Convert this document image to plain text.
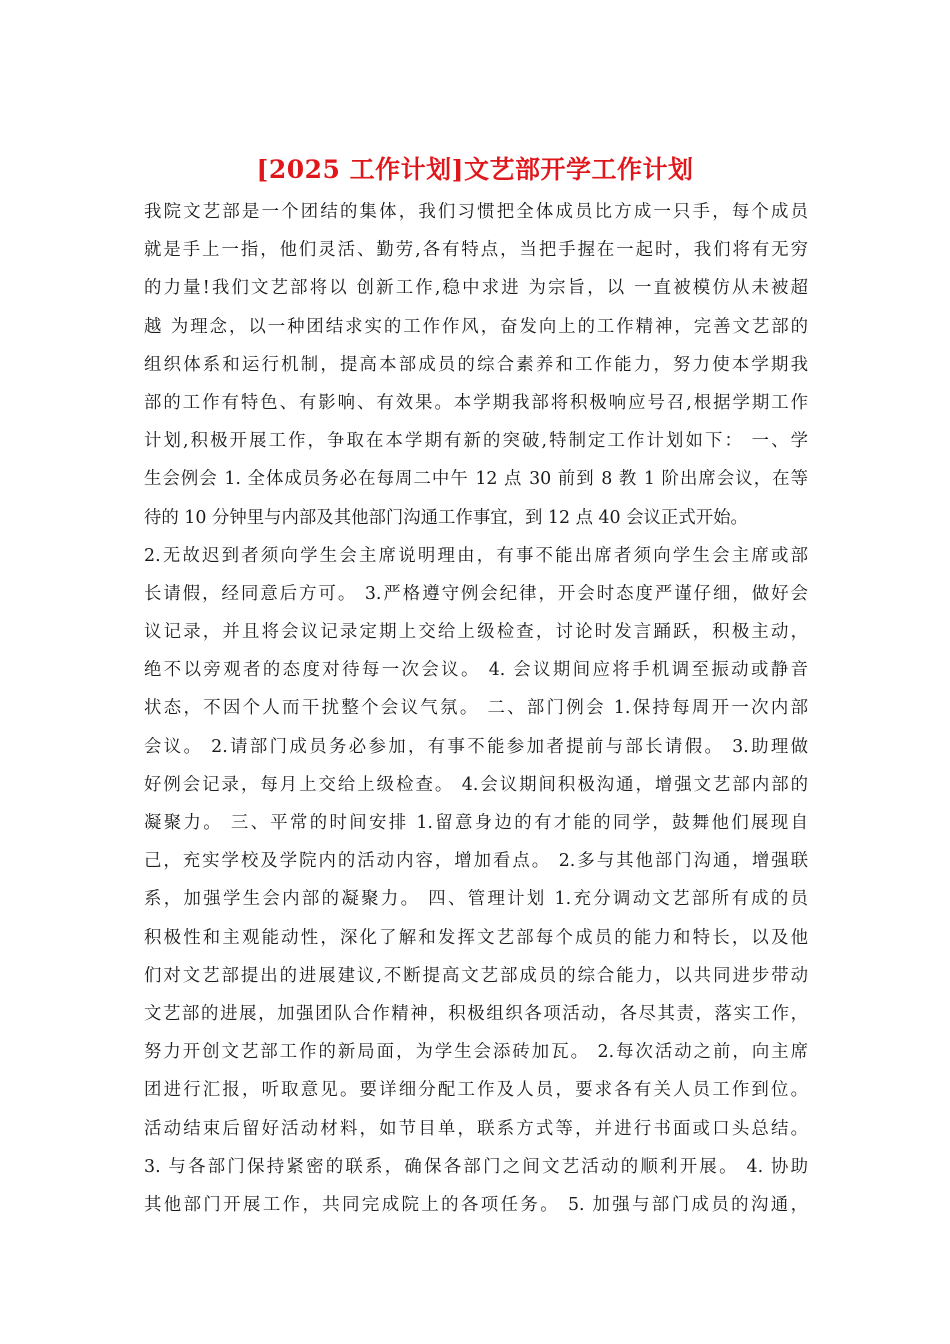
[2025 工作计划]文艺部开学工作计划
我院文艺部是一个团结的集体，我们习惯把全体成员比方成一只手，每个成员
就是手上一指，他们灵活、勤劳,各有特点，当把手握在一起时，我们将有无穷
的力量!我们文艺部将以 创新工作,稳中求进 为宗旨，以 一直被模仿从未被超
越 为理念，以一种团结求实的工作作风，奋发向上的工作精神，完善文艺部的
组织体系和运行机制，提高本部成员的综合素养和工作能力，努力使本学期我
部的工作有特色、有影响、有效果。本学期我部将积极响应号召,根据学期工作
计划,积极开展工作，争取在本学期有新的突破,特制定工作计划如下： 一、学
生会例会 1. 全体成员务必在每周二中午 12 点 30 前到 8 教 1 阶出席会议，在等
待的 10 分钟里与内部及其他部门沟通工作事宜，到 12 点 40 会议正式开始。
2.无故迟到者须向学生会主席说明理由，有事不能出席者须向学生会主席或部
长请假，经同意后方可。 3.严格遵守例会纪律，开会时态度严谨仔细，做好会
议记录，并且将会议记录定期上交给上级检查，讨论时发言踊跃，积极主动，
绝不以旁观者的态度对待每一次会议。 4. 会议期间应将手机调至振动或静音
状态，不因个人而干扰整个会议气氛。 二、部门例会 1.保持每周开一次内部
会议。 2.请部门成员务必参加，有事不能参加者提前与部长请假。 3.助理做
好例会记录，每月上交给上级检查。 4.会议期间积极沟通，增强文艺部内部的
凝聚力。 三、平常的时间安排 1.留意身边的有才能的同学，鼓舞他们展现自
己，充实学校及学院内的活动内容，增加看点。 2.多与其他部门沟通，增强联
系，加强学生会内部的凝聚力。 四、管理计划 1.充分调动文艺部所有成的员
积极性和主观能动性，深化了解和发挥文艺部每个成员的能力和特长，以及他
们对文艺部提出的进展建议,不断提高文艺部成员的综合能力，以共同进步带动
文艺部的进展，加强团队合作精神，积极组织各项活动，各尽其责，落实工作，
努力开创文艺部工作的新局面，为学生会添砖加瓦。 2.每次活动之前，向主席
团进行汇报，听取意见。要详细分配工作及人员，要求各有关人员工作到位。
活动结束后留好活动材料，如节目单，联系方式等，并进行书面或口头总结。
3. 与各部门保持紧密的联系，确保各部门之间文艺活动的顺利开展。 4. 协助
其他部门开展工作，共同完成院上的各项任务。 5. 加强与部门成员的沟通，
